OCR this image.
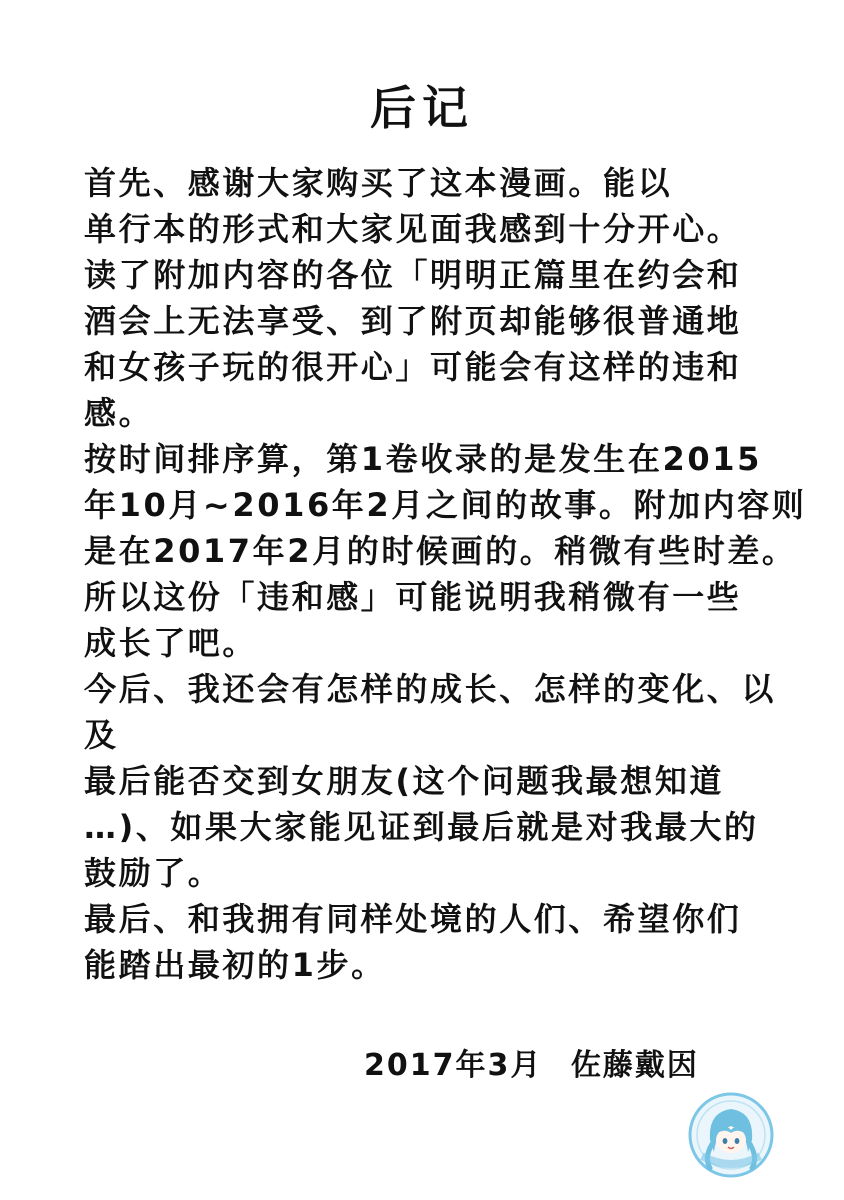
后记
首先、感谢大家购买了这本漫画。能以
单行本的形式和大家见面我感到十分开心。
读了附加内容的各位「明明正篇里在约会和
酒会上无法享受、到了附页却能够很普通地
和女孩子玩的很开心」可能会有这样的违和
感。
按时间排序算，第1卷收录的是发生在2015
年10月~2016年2月之间的故事。附加内容则
是在2017年2月的时候画的。稍微有些时差。
所以这份「违和感」可能说明我稍微有一些
成长了吧。
今后、我还会有怎样的成长、怎样的变化、以
及
最后能否交到女朋友(这个问题我最想知道
…)、如果大家能见证到最后就是对我最大的
鼓励了。
最后、和我拥有同样处境的人们、希望你们
能踏出最初的1步。
2017年3月 佐藤戴因
